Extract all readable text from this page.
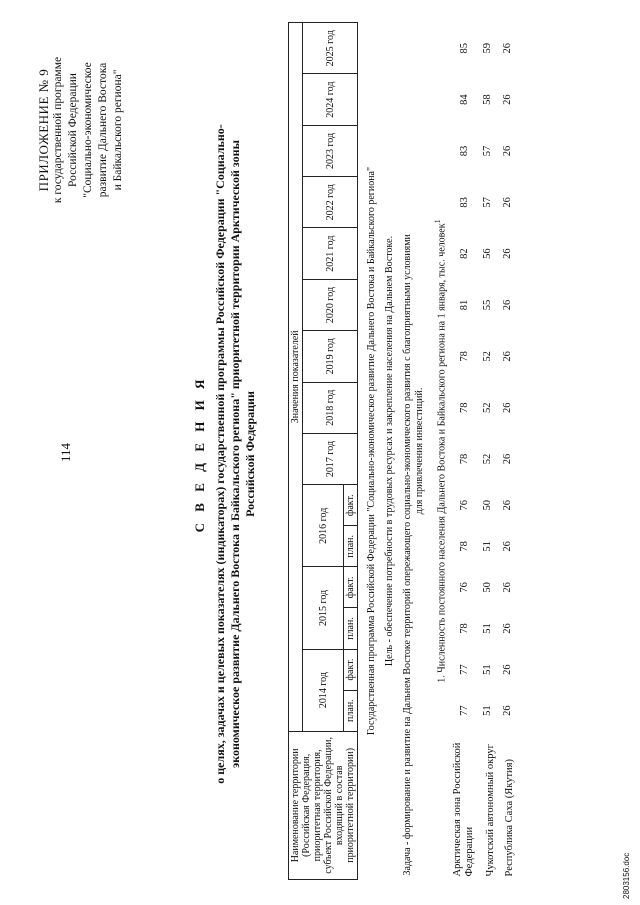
114
ПРИЛОЖЕНИЕ № 9 к государственной программе Российской Федерации "Социально-экономическое развитие Дальнего Востока и Байкальского региона"
С В Е Д Е Н И Я о целях, задачах и целевых показателях (индикаторах) государственной программы Российской Федерации "Социально- экономическое развитие Дальнего Востока и Байкальского региона" приоритетной территории Арктической зоны Российской Федерации
Наименование территории (Российская Федерация, приоритетная территория, субъект Российской Федерации, входящий в состав приоритетной территории)	Значения показателей														
	2014 год		2015 год		2016 год		2017 год	2018 год	2019 год	2020 год	2021 год	2022 год	2023 год	2024 год	2025 год
	план.	факт.	план.	факт.	план.	факт.									
Государственная программа Российской Федерации "Социально-экономическое развитие Дальнего Востока и Байкальского региона"															
Цель - обеспечение потребности в трудовых ресурсах и закрепление населения на Дальнем Востоке.															

Задача - формирование и развитие на Дальнем Востоке территорий опережающего социально-экономического развития с благоприятными условиями для привлечения инвестиций.															

1. Численность постоянного населения Дальнего Востока и Байкальского региона на 1 января, тыс. человек$^1$
Арктическая зона Российской Федерации	77	77	78	76	78	76	78	78	78	81	82	83	83	84	85
Чукотский автономный округ	51	51	51	50	51	50	52	52	52	55	56	57	57	58	59
Республика Саха (Якутия)	26	26	26	26	26	26	26	26	26	26	26	26	26	26	26
2803156.doc
